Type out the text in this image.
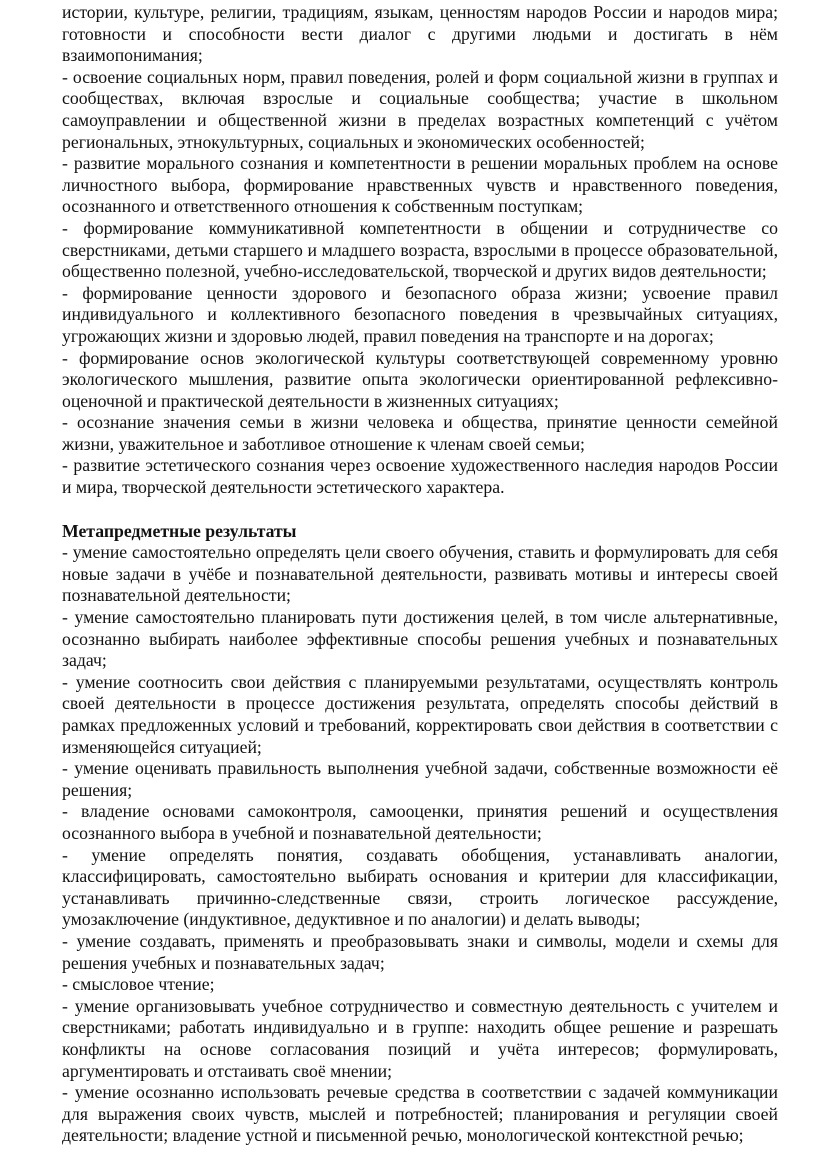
истории, культуре, религии, традициям, языкам, ценностям народов России и народов мира; готовности и способности вести диалог с другими людьми и достигать в нём взаимопонимания;

- освоение социальных норм, правил поведения, ролей и форм социальной жизни в группах и сообществах, включая взрослые и социальные сообщества; участие в школьном самоуправлении и общественной жизни в пределах возрастных компетенций с учётом региональных, этнокультурных, социальных и экономических особенностей;

- развитие морального сознания и компетентности в решении моральных проблем на основе личностного выбора, формирование нравственных чувств и нравственного поведения, осознанного и ответственного отношения к собственным поступкам;

- формирование коммуникативной компетентности в общении и сотрудничестве со сверстниками, детьми старшего и младшего возраста, взрослыми в процессе образовательной, общественно полезной, учебно-исследовательской, творческой и других видов деятельности;

- формирование ценности здорового и безопасного образа жизни; усвоение правил индивидуального и коллективного безопасного поведения в чрезвычайных ситуациях, угрожающих жизни и здоровью людей, правил поведения на транспорте и на дорогах;

- формирование основ экологической культуры соответствующей современному уровню экологического мышления, развитие опыта экологически ориентированной рефлексивно-оценочной и практической деятельности в жизненных ситуациях;

- осознание значения семьи в жизни человека и общества, принятие ценности семейной жизни, уважительное и заботливое отношение к членам своей семьи;

- развитие эстетического сознания через освоение художественного наследия народов России и мира, творческой деятельности эстетического характера.

Метапредметные результаты

- умение самостоятельно определять цели своего обучения, ставить и формулировать для себя новые задачи в учёбе и познавательной деятельности, развивать мотивы и интересы своей познавательной деятельности;

- умение самостоятельно планировать пути достижения целей, в том числе альтернативные, осознанно выбирать наиболее эффективные способы решения учебных и познавательных задач;

- умение соотносить свои действия с планируемыми результатами, осуществлять контроль своей деятельности в процессе достижения результата, определять способы действий в рамках предложенных условий и требований, корректировать свои действия в соответствии с изменяющейся ситуацией;

- умение оценивать правильность выполнения учебной задачи, собственные возможности её решения;

- владение основами самоконтроля, самооценки, принятия решений и осуществления осознанного выбора в учебной и познавательной деятельности;

- умение определять понятия, создавать обобщения, устанавливать аналогии, классифицировать, самостоятельно выбирать основания и критерии для классификации, устанавливать причинно-следственные связи, строить логическое рассуждение, умозаключение (индуктивное, дедуктивное и по аналогии) и делать выводы;

- умение создавать, применять и преобразовывать знаки и символы, модели и схемы для решения учебных и познавательных задач;

- смысловое чтение;

- умение организовывать учебное сотрудничество и совместную деятельность с учителем и сверстниками; работать индивидуально и в группе: находить общее решение и разрешать конфликты на основе согласования позиций и учёта интересов; формулировать, аргументировать и отстаивать своё мнении;

- умение осознанно использовать речевые средства в соответствии с задачей коммуникации для выражения своих чувств, мыслей и потребностей; планирования и регуляции своей деятельности; владение устной и письменной речью, монологической контекстной речью;
